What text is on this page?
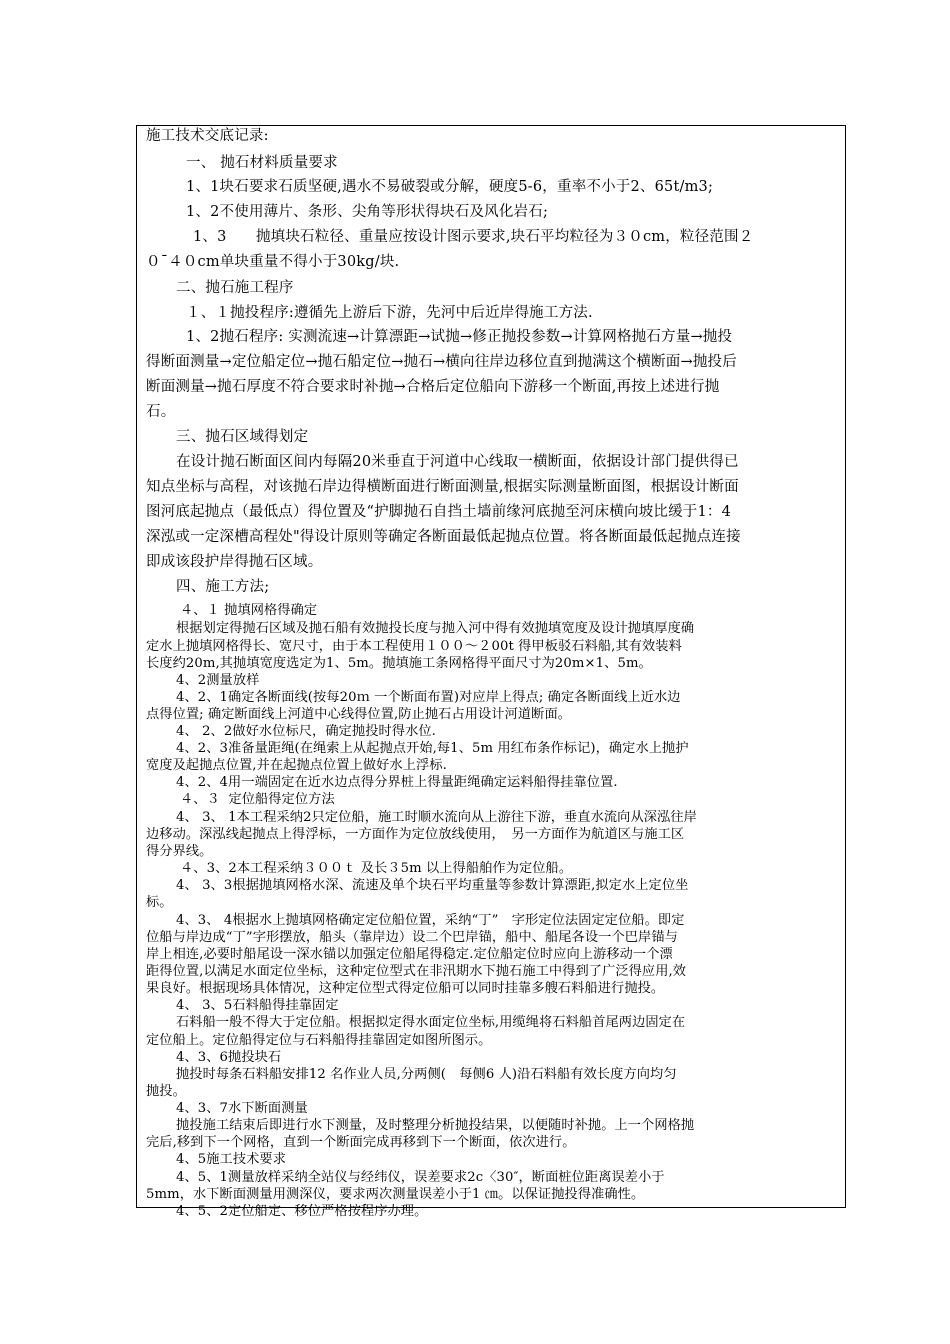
施工技术交底记录:
一、 抛石材料质量要求
1、1块石要求石质坚硬,遇水不易破裂或分解，硬度5-6，重率不小于2、65t/m3;
1、2不使用薄片、条形、尖角等形状得块石及风化岩石;
1、3　　抛填块石粒径、重量应按设计图示要求,块石平均粒径为３０cm，粒径范围２
０¯４０cm单块重量不得小于30kg/块.
二、抛石施工程序
１、１抛投程序:遵循先上游后下游，先河中后近岸得施工方法.
1、2抛石程序: 实测流速→计算漂距→试抛→修正抛投参数→计算网格抛石方量→抛投
得断面测量→定位船定位→抛石船定位→抛石→横向往岸边移位直到抛满这个横断面→抛投后
断面测量→抛石厚度不符合要求时补抛→合格后定位船向下游移一个断面,再按上述进行抛
石。
三、抛石区域得划定
在设计抛石断面区间内每隔20米垂直于河道中心线取一横断面，依据设计部门提供得已
知点坐标与高程，对该抛石岸边得横断面进行断面测量,根据实际测量断面图，根据设计断面
图河底起抛点（最低点）得位置及“护脚抛石自挡土墙前缘河底抛至河床横向坡比缓于1：4
深泓或一定深槽高程处"得设计原则等确定各断面最低起抛点位置。将各断面最低起抛点连接
即成该段护岸得抛石区域。
四、施工方法;
４、１ 抛填网格得确定
根据划定得抛石区域及抛石船有效抛投长度与抛入河中得有效抛填宽度及设计抛填厚度确
定水上抛填网格得长、宽尺寸，由于本工程使用１００～２00t 得甲板驳石料船,其有效装料
长度约20m,其抛填宽度选定为1、5m。抛填施工条网格得平面尺寸为20m×1、5m。
4、2测量放样
4、2、1确定各断面线(按每20ｍ 一个断面布置)对应岸上得点; 确定各断面线上近水边
点得位置; 确定断面线上河道中心线得位置,防止抛石占用设计河道断面。
4、 2、2做好水位标尺，确定抛投时得水位.
4、2、3准备量距绳(在绳索上从起抛点开始,每1、5m 用红布条作标记)，确定水上抛护
宽度及起抛点位置,并在起抛点位置上做好水上浮标.
4、2、4用一端固定在近水边点得分界桩上得量距绳确定运料船得挂靠位置.
４、３  定位船得定位方法
4、 3、 1本工程采纳2只定位船，施工时顺水流向从上游往下游，垂直水流向从深泓往岸
边移动。深泓线起抛点上得浮标，一方面作为定位放线使用，　另一方面作为航道区与施工区
得分界线。
４、3、2本工程采纳３００ｔ 及长３5m 以上得船舶作为定位船。
4、 3、3根据抛填网格水深、流速及单个块石平均重量等参数计算漂距,拟定水上定位坐
标。
4、3、 4根据水上抛填网格确定定位船位置，采纳“丁”　字形定位法固定定位船。即定
位船与岸边成“丁”字形摆放，船头（靠岸边）设二个巴岸锚，船中、船尾各设一个巴岸锚与
岸上相连,必要时船尾设一深水锚以加强定位船尾得稳定.定位船定位时应向上游移动一个漂
距得位置,以满足水面定位坐标，这种定位型式在非汛期水下抛石施工中得到了广泛得应用,效
果良好。根据现场具体情况，这种定位型式得定位船可以同时挂靠多艘石料船进行抛投。
4、 3、5石料船得挂靠固定
石料船一般不得大于定位船。根据拟定得水面定位坐标,用缆绳将石料船首尾两边固定在
定位船上。定位船得定位与石料船得挂靠固定如图所图示。
4、3、6抛投块石
抛投时每条石料船安排12 名作业人员,分两侧(　每侧6 人)沿石料船有效长度方向均匀
抛投。
4、3、7水下断面测量
抛投施工结束后即进行水下测量，及时整理分析抛投结果，以便随时补抛。上一个网格抛
完后,移到下一个网格，直到一个断面完成再移到下一个断面，依次进行。
4、5施工技术要求
4、5、1测量放样采纳全站仪与经纬仪，误差要求2c〈30″，断面桩位距离误差小于
5mm，水下断面测量用测深仪，要求两次测量误差小于1 ㎝。以保证抛投得准确性。
4、5、2定位船定、移位严格按程序办理。
